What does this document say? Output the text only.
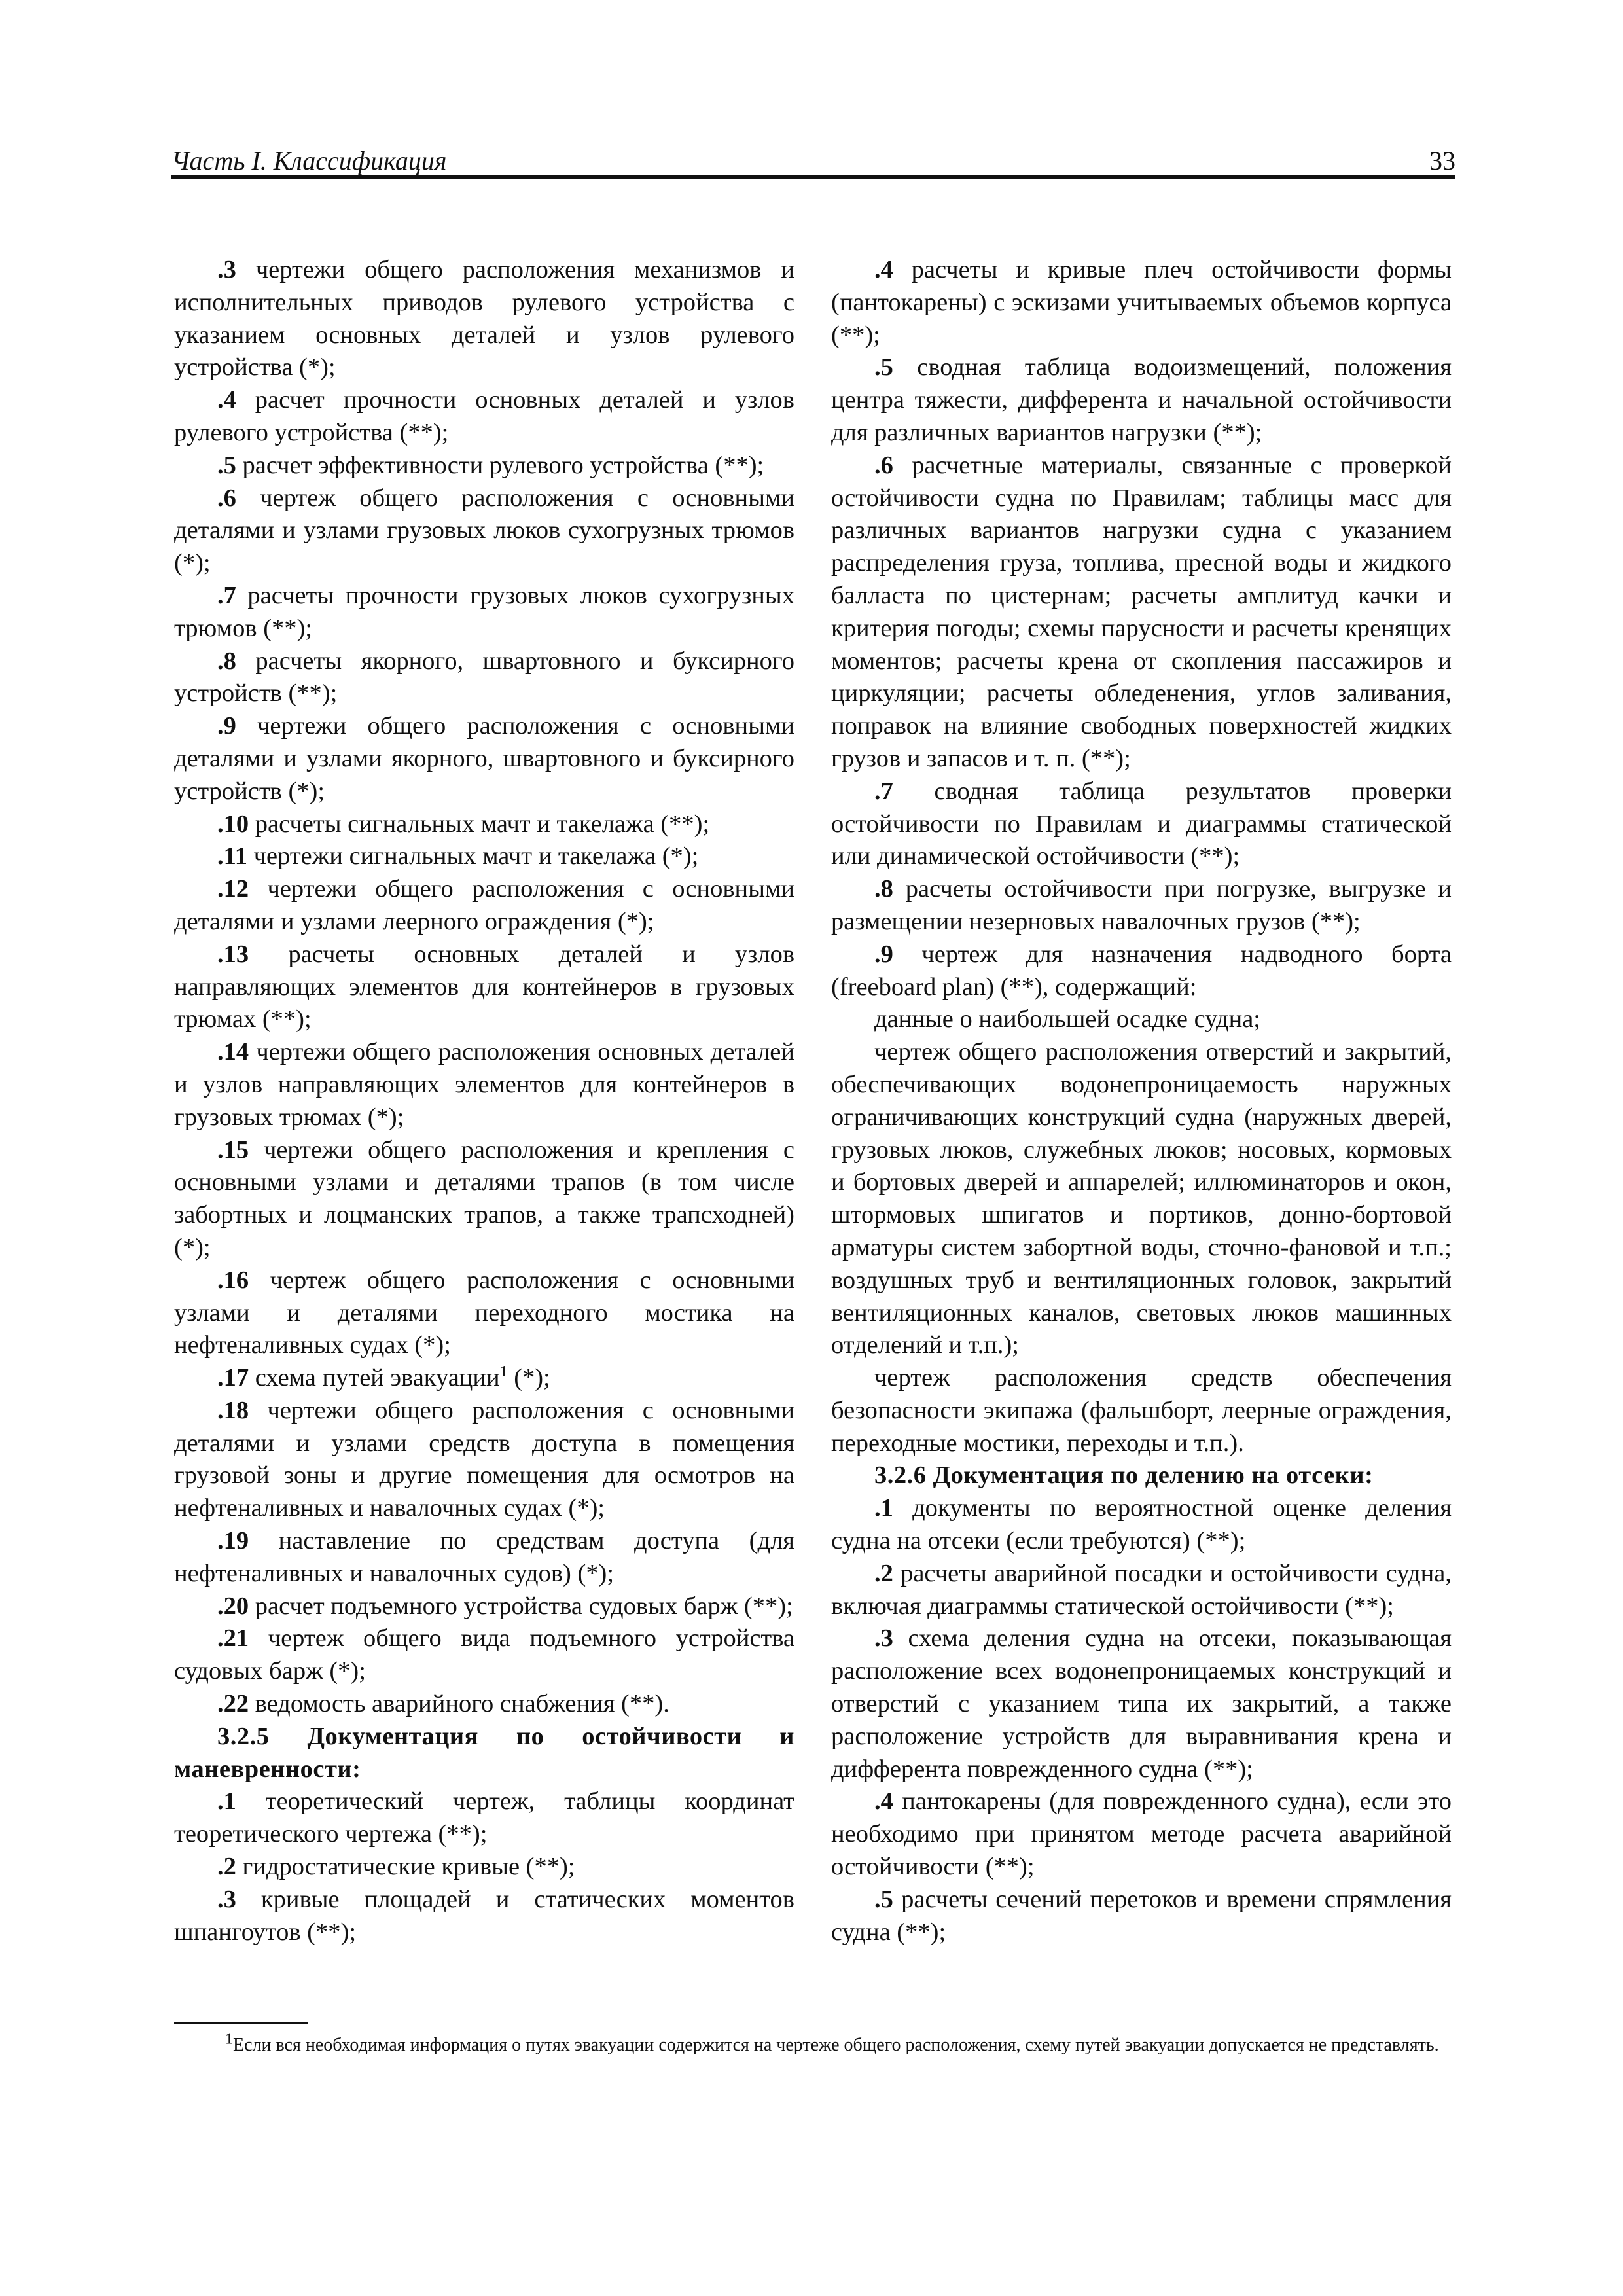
Часть I. Классификация	33

.3 чертежи общего расположения механизмов и исполнительных приводов рулевого устройства с указанием основных деталей и узлов рулевого устройства (*);

.4 расчет прочности основных деталей и узлов рулевого устройства (**);

.5 расчет эффективности рулевого устройства (**);

.6 чертеж общего расположения с основными деталями и узлами грузовых люков сухогрузных трюмов (*);

.7 расчеты прочности грузовых люков сухогрузных трюмов (**);

.8 расчеты якорного, швартовного и буксирного устройств (**);

.9 чертежи общего расположения с основными деталями и узлами якорного, швартовного и буксирного устройств (*);

.10 расчеты сигнальных мачт и такелажа (**);

.11 чертежи сигнальных мачт и такелажа (*);

.12 чертежи общего расположения с основными деталями и узлами леерного ограждения (*);

.13 расчеты основных деталей и узлов направляющих элементов для контейнеров в грузовых трюмах (**);

.14 чертежи общего расположения основных деталей и узлов направляющих элементов для контейнеров в грузовых трюмах (*);

.15 чертежи общего расположения и крепления с основными узлами и деталями трапов (в том числе забортных и лоцманских трапов, а также трапсходней) (*);

.16 чертеж общего расположения с основными узлами и деталями переходного мостика на нефтеналивных судах (*);

.17 схема путей эвакуации$^1$ (*);

.18 чертежи общего расположения с основными деталями и узлами средств доступа в помещения грузовой зоны и другие помещения для осмотров на нефтеналивных и навалочных судах (*);

.19 наставление по средствам доступа (для нефтеналивных и навалочных судов) (*);

.20 расчет подъемного устройства судовых барж (**);

.21 чертеж общего вида подъемного устройства судовых барж (*);

.22 ведомость аварийного снабжения (**).

3.2.5 Документация по остойчивости и маневренности:

.1 теоретический чертеж, таблицы координат теоретического чертежа (**);

.2 гидростатические кривые (**);

.3 кривые площадей и статических моментов шпангоутов (**);

.4 расчеты и кривые плеч остойчивости формы (пантокарены) с эскизами учитываемых объемов корпуса (**);

.5 сводная таблица водоизмещений, положения центра тяжести, дифферента и начальной остойчивости для различных вариантов нагрузки (**);

.6 расчетные материалы, связанные с проверкой остойчивости судна по Правилам; таблицы масс для различных вариантов нагрузки судна с указанием распределения груза, топлива, пресной воды и жидкого балласта по цистернам; расчеты амплитуд качки и критерия погоды; схемы парусности и расчеты кренящих моментов; расчеты крена от скопления пассажиров и циркуляции; расчеты обледенения, углов заливания, поправок на влияние свободных поверхностей жидких грузов и запасов и т. п. (**);

.7 сводная таблица результатов проверки остойчивости по Правилам и диаграммы статической или динамической остойчивости (**);

.8 расчеты остойчивости при погрузке, выгрузке и размещении незерновых навалочных грузов (**);

.9 чертеж для назначения надводного борта (freeboard plan) (**), содержащий:

данные о наибольшей осадке судна;

чертеж общего расположения отверстий и закрытий, обеспечивающих водонепроницаемость наружных ограничивающих конструкций судна (наружных дверей, грузовых люков, служебных люков; носовых, кормовых и бортовых дверей и аппарелей; иллюминаторов и окон, штормовых шпигатов и портиков, донно-бортовой арматуры систем забортной воды, сточно-фановой и т.п.; воздушных труб и вентиляционных головок, закрытий вентиляционных каналов, световых люков машинных отделений и т.п.);

чертеж расположения средств обеспечения безопасности экипажа (фальшборт, леерные ограждения, переходные мостики, переходы и т.п.).

3.2.6 Документация по делению на отсеки:

.1 документы по вероятностной оценке деления судна на отсеки (если требуются) (**);

.2 расчеты аварийной посадки и остойчивости судна, включая диаграммы статической остойчивости (**);

.3 схема деления судна на отсеки, показывающая расположение всех водонепроницаемых конструкций и отверстий с указанием типа их закрытий, а также расположение устройств для выравнивания крена и дифферента поврежденного судна (**);

.4 пантокарены (для поврежденного судна), если это необходимо при принятом методе расчета аварийной остойчивости (**);

.5 расчеты сечений перетоков и времени спрямления судна (**);

$^1$Если вся необходимая информация о путях эвакуации содержится на чертеже общего расположения, схему путей эвакуации допускается не представлять.
